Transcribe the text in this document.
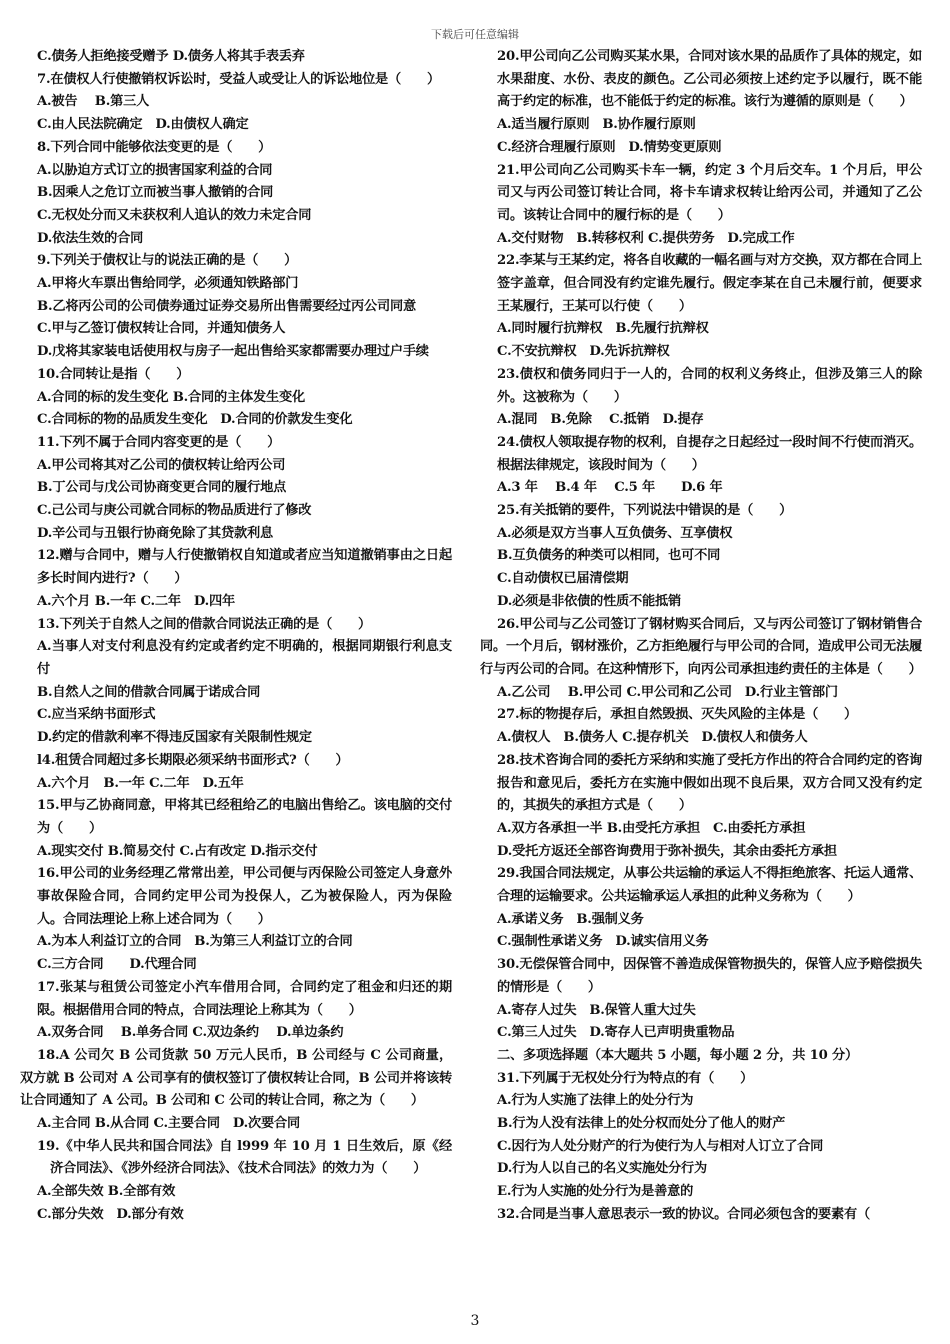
下载后可任意编辑
C.债务人拒绝接受赠予 D.债务人将其手表丢弃
7.在债权人行使撤销权诉讼时，受益人或受让人的诉讼地位是（　　）
A.被告　 B.第三人
C.由人民法院确定　D.由债权人确定
8.下列合同中能够依法变更的是（　　）
A.以胁迫方式订立的损害国家利益的合同
B.因乘人之危订立而被当事人撤销的合同
C.无权处分而又未获权利人追认的效力未定合同
D.依法生效的合同
9.下列关于债权让与的说法正确的是（　　）
A.甲将火车票出售给同学，必须通知铁路部门
B.乙将丙公司的公司债券通过证券交易所出售需要经过丙公司同意
C.甲与乙签订债权转让合同，并通知债务人
D.戊将其家装电话使用权与房子一起出售给买家都需要办理过户手续
10.合同转让是指（　　）
A.合同的标的发生变化 B.合同的主体发生变化
C.合同标的物的品质发生变化　D.合同的价款发生变化
11.下列不属于合同内容变更的是（　　）
A.甲公司将其对乙公司的债权转让给丙公司
B.丁公司与戊公司协商变更合同的履行地点
C.己公司与庚公司就合同标的物品质进行了修改
D.辛公司与丑银行协商免除了其贷款利息
12.赠与合同中，赠与人行使撤销权自知道或者应当知道撤销事由之日起多长时间内进行?（　　）
A.六个月 B.一年 C.二年　D.四年
13.下列关于自然人之间的借款合同说法正确的是（　　）
A.当事人对支付利息没有约定或者约定不明确的，根据同期银行利息支付
B.自然人之间的借款合同属于诺成合同
C.应当采纳书面形式
D.约定的借款利率不得违反国家有关限制性规定
l4.租赁合同超过多长期限必须采纳书面形式?（　　）
A.六个月　B.一年 C.二年　D.五年
15.甲与乙协商同意，甲将其已经租给乙的电脑出售给乙。该电脑的交付为（　　）
A.现实交付 B.简易交付 C.占有改定 D.指示交付
16.甲公司的业务经理乙常常出差，甲公司便与丙保险公司签定人身意外事故保险合同，合同约定甲公司为投保人，乙为被保险人，丙为保险人。合同法理论上称上述合同为（　　）
A.为本人利益订立的合同　B.为第三人利益订立的合同
C.三方合同　　D.代理合同
17.张某与租赁公司签定小汽车借用合同，合同约定了租金和归还的期限。根据借用合同的特点，合同法理论上称其为（　　）
A.双务合同　 B.单务合同 C.双边条约　 D.单边条约
18.A 公司欠 B 公司货款 50 万元人民币，B 公司经与 C 公司商量，双方就 B 公司对 A 公司享有的债权签订了债权转让合同，B 公司并将该转让合同通知了 A 公司。B 公司和 C 公司的转让合同，称之为（　　）
A.主合同 B.从合同 C.主要合同　D.次要合同
19.《中华人民共和国合同法》自 l999 年 10 月 1 日生效后，原《经济合同法》、《涉外经济合同法》、《技术合同法》的效力为（　　）
A.全部失效 B.全部有效
C.部分失效　D.部分有效
20.甲公司向乙公司购买某水果，合同对该水果的品质作了具体的规定，如水果甜度、水份、表皮的颜色。乙公司必须按上述约定予以履行，既不能高于约定的标准，也不能低于约定的标准。该行为遵循的原则是（　　）
A.适当履行原则　B.协作履行原则
C.经济合理履行原则　D.情势变更原则
21.甲公司向乙公司购买卡车一辆，约定 3 个月后交车。1 个月后，甲公司又与丙公司签订转让合同，将卡车请求权转让给丙公司，并通知了乙公司。该转让合同中的履行标的是（　　）
A.交付财物　B.转移权利 C.提供劳务　D.完成工作
22.李某与王某约定，将各自收藏的一幅名画与对方交换，双方都在合同上签字盖章，但合同没有约定谁先履行。假定李某在自己未履行前，便要求王某履行，王某可以行使（　　）
A.同时履行抗辩权　B.先履行抗辩权
C.不安抗辩权　D.先诉抗辩权
23.债权和债务同归于一人的，合同的权利义务终止，但涉及第三人的除外。这被称为（　　）
A.混同　B.免除　 C.抵销　D.提存
24.债权人领取提存物的权利，自提存之日起经过一段时间不行使而消灭。根据法律规定，该段时间为（　　）
A.3 年　 B.4 年　 C.5 年　　D.6 年
25.有关抵销的要件，下列说法中错误的是（　　）
A.必须是双方当事人互负债务、互享债权
B.互负债务的种类可以相同，也可不同
C.自动债权已届清偿期
D.必须是非依债的性质不能抵销
26.甲公司与乙公司签订了钢材购买合同后，又与丙公司签订了钢材销售合同。一个月后，钢材涨价，乙方拒绝履行与甲公司的合同，造成甲公司无法履行与丙公司的合同。在这种情形下，向丙公司承担违约责任的主体是（　　）
A.乙公司　 B.甲公司 C.甲公司和乙公司　D.行业主管部门
27.标的物提存后，承担自然毁损、灭失风险的主体是（　　）
A.债权人　B.债务人 C.提存机关　D.债权人和债务人
28.技术咨询合同的委托方采纳和实施了受托方作出的符合合同约定的咨询报告和意见后，委托方在实施中假如出现不良后果，双方合同又没有约定的，其损失的承担方式是（　　）
A.双方各承担一半 B.由受托方承担　C.由委托方承担
D.受托方返还全部咨询费用于弥补损失，其余由委托方承担
29.我国合同法规定，从事公共运输的承运人不得拒绝旅客、托运人通常、合理的运输要求。公共运输承运人承担的此种义务称为（　　）
A.承诺义务　B.强制义务
C.强制性承诺义务　D.诚实信用义务
30.无偿保管合同中，因保管不善造成保管物损失的，保管人应予赔偿损失的情形是（　　）
A.寄存人过失　B.保管人重大过失
C.第三人过失　D.寄存人已声明贵重物品
二、多项选择题（本大题共 5 小题，每小题 2 分，共 10 分）
31.下列属于无权处分行为特点的有（　　）
A.行为人实施了法律上的处分行为
B.行为人没有法律上的处分权而处分了他人的财产
C.因行为人处分财产的行为使行为人与相对人订立了合同
D.行为人以自己的名义实施处分行为
E.行为人实施的处分行为是善意的
32.合同是当事人意思表示一致的协议。合同必须包含的要素有（
3
